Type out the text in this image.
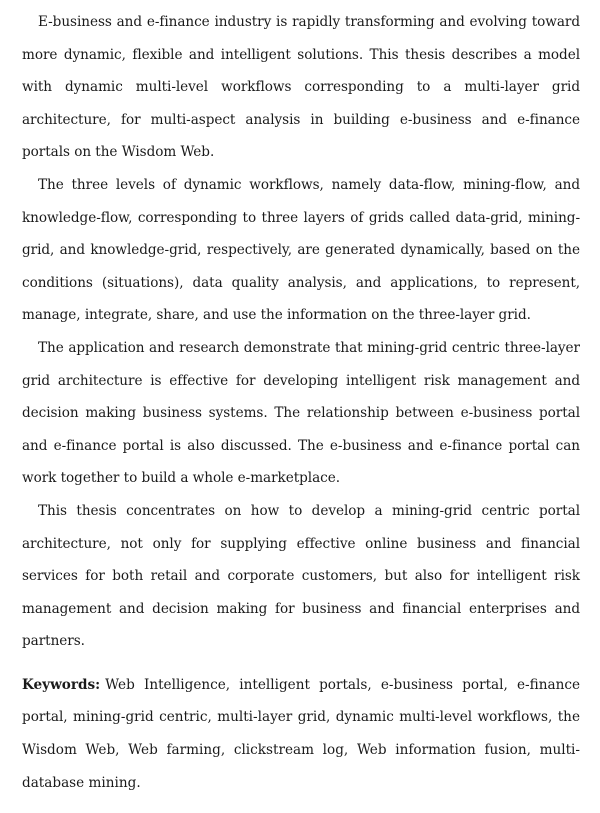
E-business and e-finance industry is rapidly transforming and evolving toward more dynamic, flexible and intelligent solutions. This thesis describes a model with dynamic multi-level workflows corresponding to a multi-layer grid architecture, for multi-aspect analysis in building e-business and e-finance portals on the Wisdom Web.

The three levels of dynamic workflows, namely data-flow, mining-flow, and knowledge-flow, corresponding to three layers of grids called data-grid, mining-grid, and knowledge-grid, respectively, are generated dynamically, based on the conditions (situations), data quality analysis, and applications, to represent, manage, integrate, share, and use the information on the three-layer grid.

The application and research demonstrate that mining-grid centric three-layer grid architecture is effective for developing intelligent risk management and decision making business systems. The relationship between e-business portal and e-finance portal is also discussed. The e-business and e-finance portal can work together to build a whole e-marketplace.

This thesis concentrates on how to develop a mining-grid centric portal architecture, not only for supplying effective online business and financial services for both retail and corporate customers, but also for intelligent risk management and decision making for business and financial enterprises and partners.

Keywords: Web Intelligence, intelligent portals, e-business portal, e-finance portal, mining-grid centric, multi-layer grid, dynamic multi-level workflows, the Wisdom Web, Web farming, clickstream log, Web information fusion, multi-database mining.
